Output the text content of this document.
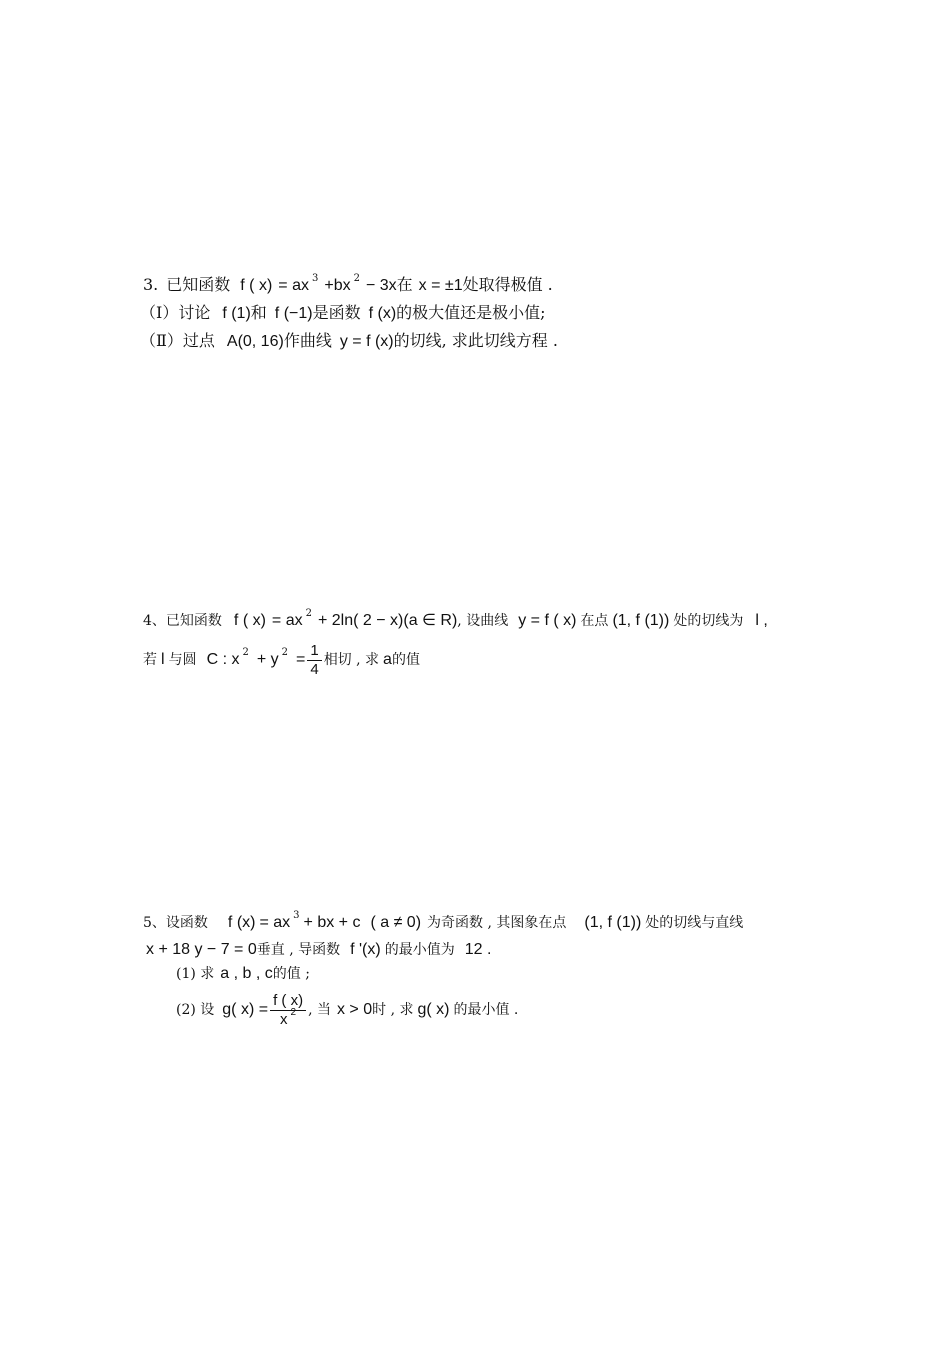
3. 已知函数 f ( x) = ax $^3$ +bx $^2$ − 3x在 x = ±1处取得极值 .
（Ⅰ）讨论 f (1)和 f (−1)是函数 f (x)的极大值还是极小值;
（Ⅱ）过点 A(0, 16)作曲线 y = f (x)的切线, 求此切线方程 .
4、已知函数 f ( x) = ax $^2$ + 2ln( 2 − x)(a ∈ R), 设曲线 y = f ( x) 在点 (1, f (1)) 处的切线为 l ,
若 l 与圆 C : x $^2$ + y $^2 = \frac{1}{4}$ 相切 , 求 a的值
5、设函数 f (x) = ax $^3$ + bx + c ( a ≠ 0) 为奇函数 , 其图象在点 (1, f (1)) 处的切线与直线
x + 18 y − 7 = 0垂直 , 导函数 f '(x) 的最小值为 12 .
(1) 求 a , b , c的值 ;
(2) 设 g( $x) = \frac{f ( x)}{x ^2}$ , 当 x > 0时 , 求 g( x) 的最小值 .
